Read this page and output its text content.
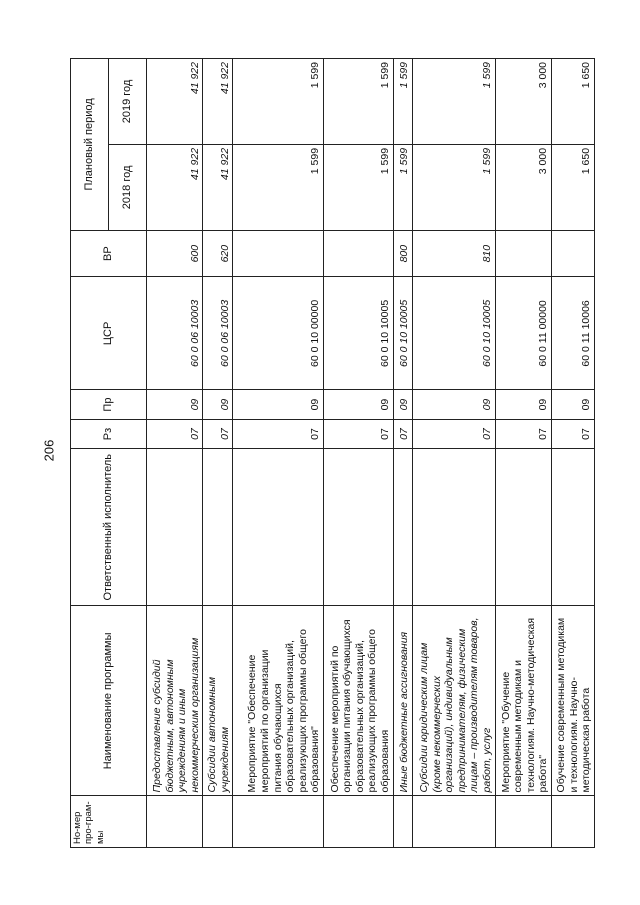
206
Но-мер про-грам-мы	Наименование программы	Ответственный исполнитель	Рз	Пр	ЦСР	ВР	Плановый период	
							2018 год	2019 год
	Предоставление субсидий бюджетным, автономным учреждениям и иным некоммерческим организациям		07	09	60 0 06 10003	600	41 922	41 922
	Субсидии автономным учреждениям		07	09	60 0 06 10003	620	41 922	41 922
	Мероприятие "Обеспечение мероприятий по организации питания обучающихся образовательных организаций, реализующих программы общего образования"		07	09	60 0 10 00000		1 599	1 599
	Обеспечение мероприятий по организации питания обучающихся образовательных организаций, реализующих программы общего образования		07	09	60 0 10 10005		1 599	1 599
	Иные бюджетные ассигнования		07	09	60 0 10 10005	800	1 599	1 599
	Субсидии юридическим лицам (кроме некоммерческих организаций), индивидуальным предпринимателям, физическим лицам – производителям товаров, работ, услуг		07	09	60 0 10 10005	810	1 599	1 599
	Мероприятие "Обучение современным методикам и технологиям. Научно-методическая работа"		07	09	60 0 11 00000		3 000	3 000
	Обучение современным методикам и технологиям. Научно-методическая работа		07	09	60 0 11 10006		1 650	1 650
